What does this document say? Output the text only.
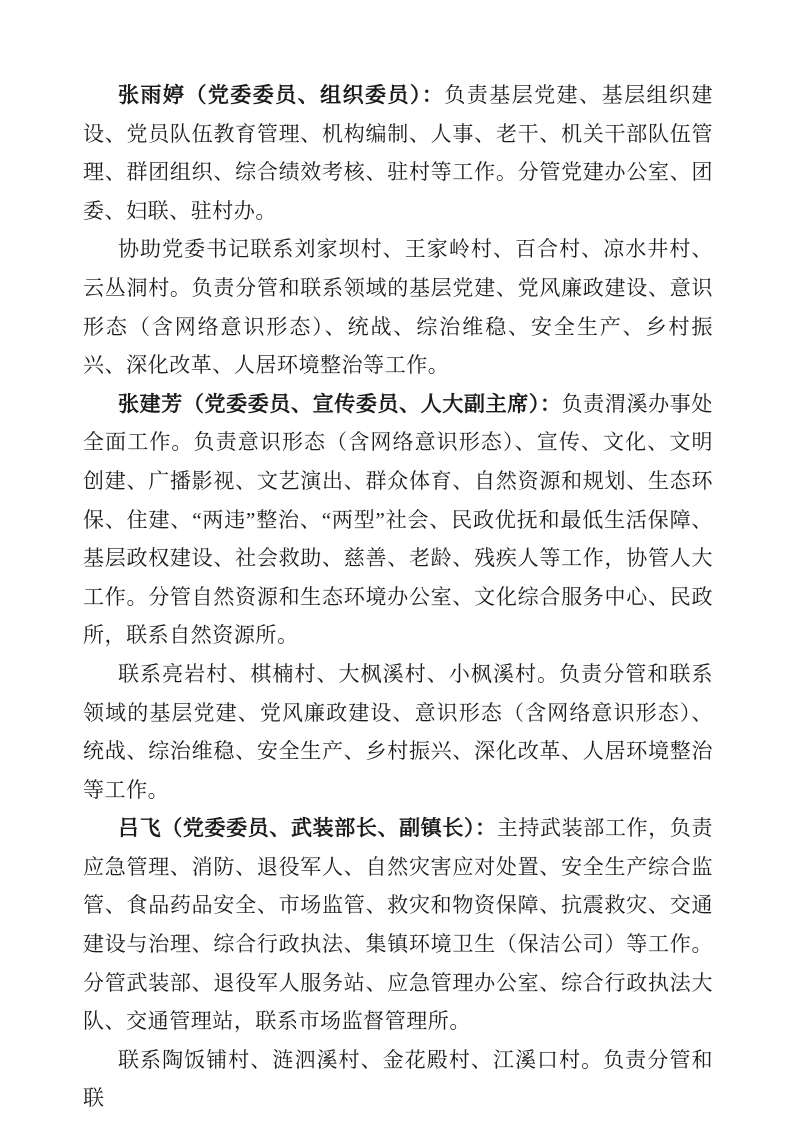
张雨婷（党委委员、组织委员）：负责基层党建、基层组织建设、党员队伍教育管理、机构编制、人事、老干、机关干部队伍管理、群团组织、综合绩效考核、驻村等工作。分管党建办公室、团委、妇联、驻村办。

协助党委书记联系刘家坝村、王家岭村、百合村、凉水井村、云丛洞村。负责分管和联系领域的基层党建、党风廉政建设、意识形态（含网络意识形态）、统战、综治维稳、安全生产、乡村振兴、深化改革、人居环境整治等工作。

张建芳（党委委员、宣传委员、人大副主席）：负责渭溪办事处全面工作。负责意识形态（含网络意识形态）、宣传、文化、文明创建、广播影视、文艺演出、群众体育、自然资源和规划、生态环保、住建、“两违”整治、“两型”社会、民政优抚和最低生活保障、基层政权建设、社会救助、慈善、老龄、残疾人等工作，协管人大工作。分管自然资源和生态环境办公室、文化综合服务中心、民政所，联系自然资源所。

联系亮岩村、棋楠村、大枫溪村、小枫溪村。负责分管和联系领域的基层党建、党风廉政建设、意识形态（含网络意识形态）、统战、综治维稳、安全生产、乡村振兴、深化改革、人居环境整治等工作。

吕飞（党委委员、武装部长、副镇长）：主持武装部工作，负责应急管理、消防、退役军人、自然灾害应对处置、安全生产综合监管、食品药品安全、市场监管、救灾和物资保障、抗震救灾、交通建设与治理、综合行政执法、集镇环境卫生（保洁公司）等工作。分管武装部、退役军人服务站、应急管理办公室、综合行政执法大队、交通管理站，联系市场监督管理所。

联系陶饭铺村、涟泗溪村、金花殿村、江溪口村。负责分管和联
